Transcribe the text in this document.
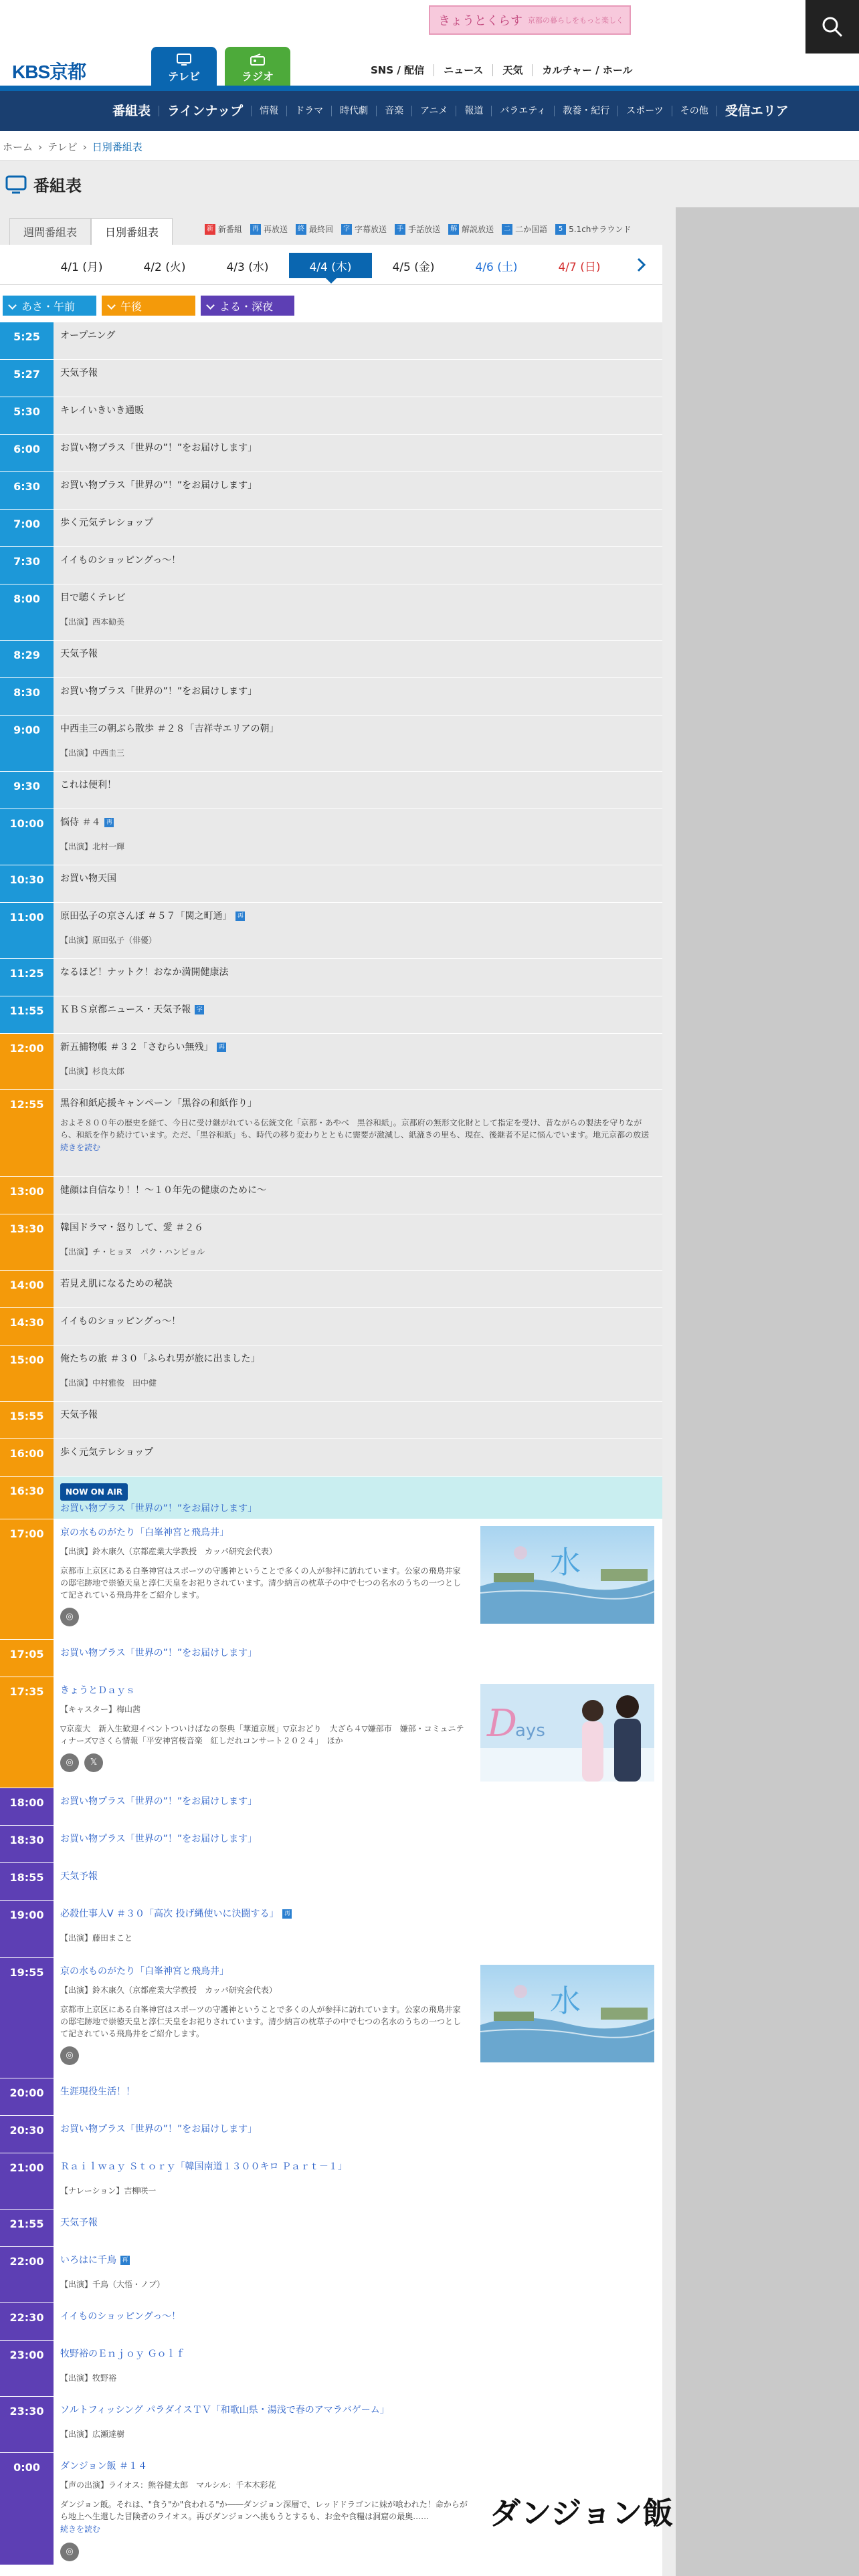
KBS京都
きょうとくらす 京都の暮らしをもっと楽しく
テレビ	ラジオ	SNS / 配信	ニュース	天気	カルチャー / ホール
番組表	ラインナップ	情報	ドラマ	時代劇	音楽	アニメ	報道	バラエティ	教養・紀行	スポーツ	その他	受信エリア
ホーム › テレビ › 日別番組表
番組表
週間番組表	日別番組表	新 新番組	再 再放送	終 最終回	字 字幕放送	手 手話放送	解 解説放送	二 二か国語	5 5.1chサラウンド
4/1 (月)	4/2 (火)	4/3 (水)	4/4 (木)	4/5 (金)	4/6 (土)	4/7 (日)
あさ・午前	午後	よる・深夜
5:25	オープニング
5:27	天気予報
5:30	キレイいきいき通販
6:00	お買い物プラス「世界の”！”をお届けします」
6:30	お買い物プラス「世界の”！”をお届けします」
7:00	歩く元気テレショップ
7:30	イイものショッピングっ～！
8:00	目で聴くテレビ
【出演】西本勧美
8:29	天気予報
8:30	お買い物プラス「世界の”！”をお届けします」
9:00	中西圭三の朝ぶら散歩 ＃２８「吉祥寺エリアの朝」
【出演】中西圭三
9:30	これは便利！
10:00	悩侍 ＃４ 再
【出演】北村一輝
10:30	お買い物天国
11:00	原田弘子の京さんぽ ＃５７「関之町通」 再
【出演】原田弘子（俳優）
11:25	なるほど！ナットク！おなか満開健康法
11:55	ＫＢＳ京都ニュース・天気予報 字
12:00	新五捕物帳 ＃３２「さむらい無残」 再
【出演】杉良太郎
12:55	黒谷和紙応援キャンペーン「黒谷の和紙作り」
およそ８００年の歴史を経て、今日に受け継がれている伝統文化「京都・あやべ　黒谷和紙」。京都府の無形文化財として指定を受け、昔ながらの製法を守りながら、和紙を作り続けています。ただ、「黒谷和紙」も、時代の移り変わりとともに需要が激減し、紙漉きの里も、現在、後継者不足に悩んでいます。地元京都の放送
続きを読む
13:00	健顔は自信なり！！～１０年先の健康のために～
13:30	韓国ドラマ・怒りして、愛 ＃２６
【出演】チ・ヒョヌ　パク・ハンビョル
14:00	若見え肌になるための秘訣
14:30	イイものショッピングっ～！
15:00	俺たちの旅 ＃３０「ふられ男が旅に出ました」
【出演】中村雅俊　田中健
15:55	天気予報
16:00	歩く元気テレショップ
16:30	NOW ON AIR
お買い物プラス「世界の”！”をお届けします」
17:00	京の水ものがたり「白峯神宮と飛鳥井」
【出演】鈴木康久（京都産業大学教授　カッパ研究会代表）
京都市上京区にある白峯神宮はスポーツの守護神ということで多くの人が参拝に訪れています。公家の飛鳥井家の邸宅跡地で崇徳天皇と淳仁天皇をお祀りされています。清少納言の枕草子の中で七つの名水のうちの一つとして記されている飛鳥井をご紹介します。
◎
水
17:05	お買い物プラス「世界の”！”をお届けします」
17:35	きょうとＤａｙｓ
【キャスター】梅山茜
▽京産大　新入生歓迎イベントついけばなの祭典「華道京展」▽京おどり　大ざら４▽嫌部市　嫌部・コミュニティナーズ▽さくら情報「平安神宮桜音楽　紅しだれコンサート２０２４」　ほか
◎	𝕏
D
ays
18:00	お買い物プラス「世界の”！”をお届けします」
18:30	お買い物プラス「世界の”！”をお届けします」
18:55	天気予報
19:00	必殺仕事人Ⅴ ＃３０「高次 投げ縄使いに決闘する」 再
【出演】藤田まこと
19:55	京の水ものがたり「白峯神宮と飛鳥井」
【出演】鈴木康久（京都産業大学教授　カッパ研究会代表）
京都市上京区にある白峯神宮はスポーツの守護神ということで多くの人が参拝に訪れています。公家の飛鳥井家の邸宅跡地で崇徳天皇と淳仁天皇をお祀りされています。清少納言の枕草子の中で七つの名水のうちの一つとして記されている飛鳥井をご紹介します。
◎
水
20:00	生涯現役生活！！
20:30	お買い物プラス「世界の”！”をお届けします」
21:00	Ｒａｉｌｗａｙ Ｓｔｏｒｙ「韓国南道１３００キロ Ｐａｒｔ－１」
【ナレーション】吉柳咲一
21:55	天気予報
22:00	いろはに千鳥 再
【出演】千鳥（大悟・ノブ）
22:30	イイものショッピングっ～！
23:00	牧野裕のＥｎｊｏｙ Ｇｏｌｆ
【出演】牧野裕
23:30	ソルトフィッシング パラダイスＴＶ「和歌山県・湯浅で春のアマラバゲーム」
【出演】広瀬達樹
0:00	ダンジョン飯 ＃１４
【声の出演】ライオス：熊谷健太郎　マルシル：千本木彩花
ダンジョン飯。それは、"食う"か"食われる"か――ダンジョン深層で、レッドドラゴンに妹が喰われた！命からがら地上へ生還した冒険者のライオス。再びダンジョンへ挑もうとするも、お金や食糧は洞窟の最奥……
続きを読む
◎
ダンジョン飯
